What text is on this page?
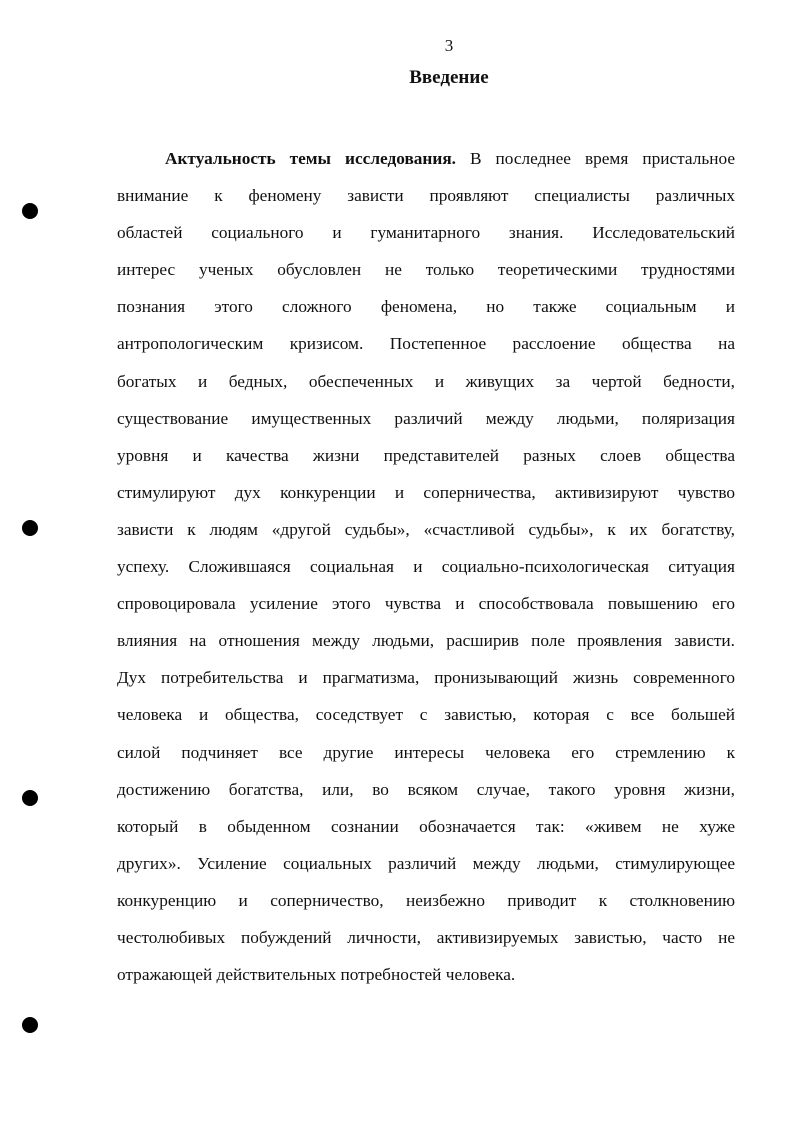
3
Введение
Актуальность темы исследования. В последнее время пристальное
внимание к феномену зависти проявляют специалисты различных
областей социального и гуманитарного знания. Исследовательский
интерес ученых обусловлен не только теоретическими трудностями
познания этого сложного феномена, но также социальным и
антропологическим кризисом. Постепенное расслоение общества на
богатых и бедных, обеспеченных и живущих за чертой бедности,
существование имущественных различий между людьми, поляризация
уровня и качества жизни представителей разных слоев общества
стимулируют дух конкуренции и соперничества, активизируют чувство
зависти к людям «другой судьбы», «счастливой судьбы», к их богатству,
успеху. Сложившаяся социальная и социально-психологическая ситуация
спровоцировала усиление этого чувства и способствовала повышению его
влияния на отношения между людьми, расширив поле проявления зависти.
Дух потребительства и прагматизма, пронизывающий жизнь современного
человека и общества, соседствует с завистью, которая с все большей
силой подчиняет все другие интересы человека его стремлению к
достижению богатства, или, во всяком случае, такого уровня жизни,
который в обыденном сознании обозначается так: «живем не хуже
других». Усиление социальных различий между людьми, стимулирующее
конкуренцию и соперничество, неизбежно приводит к столкновению
честолюбивых побуждений личности, активизируемых завистью, часто не
отражающей действительных потребностей человека.
